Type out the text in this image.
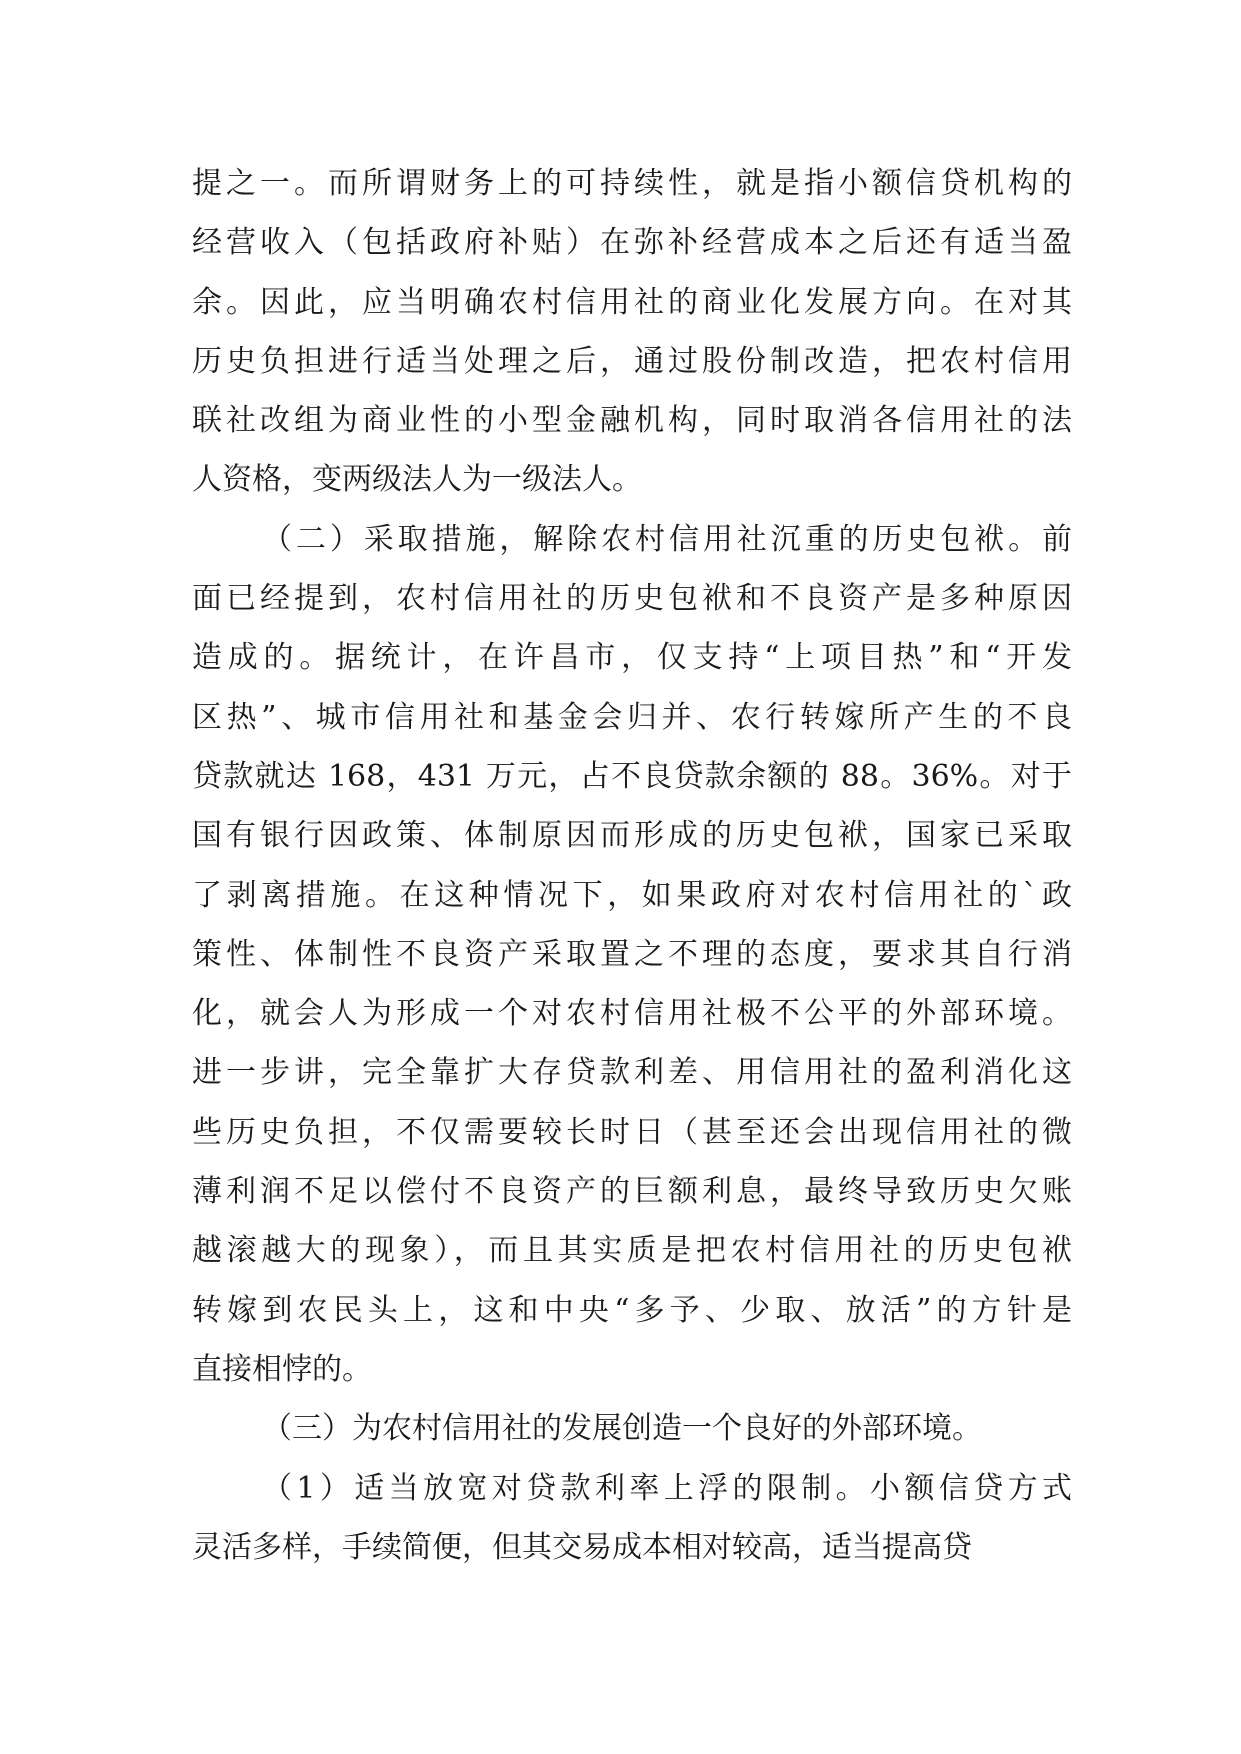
提之一。而所谓财务上的可持续性，就是指小额信贷机构的
经营收入（包括政府补贴）在弥补经营成本之后还有适当盈
余。因此，应当明确农村信用社的商业化发展方向。在对其
历史负担进行适当处理之后，通过股份制改造，把农村信用
联社改组为商业性的小型金融机构，同时取消各信用社的法
人资格，变两级法人为一级法人。
（二）采取措施，解除农村信用社沉重的历史包袱。前
面已经提到，农村信用社的历史包袱和不良资产是多种原因
造成的。据统计，在许昌市，仅支持“上项目热”和“开发
区热”、城市信用社和基金会归并、农行转嫁所产生的不良
贷款就达 168，431 万元，占不良贷款余额的 88。36%。对于
国有银行因政策、体制原因而形成的历史包袱，国家已采取
了剥离措施。在这种情况下，如果政府对农村信用社的`政
策性、体制性不良资产采取置之不理的态度，要求其自行消
化，就会人为形成一个对农村信用社极不公平的外部环境。
进一步讲，完全靠扩大存贷款利差、用信用社的盈利消化这
些历史负担，不仅需要较长时日（甚至还会出现信用社的微
薄利润不足以偿付不良资产的巨额利息，最终导致历史欠账
越滚越大的现象），而且其实质是把农村信用社的历史包袱
转嫁到农民头上，这和中央“多予、少取、放活”的方针是
直接相悖的。
（三）为农村信用社的发展创造一个良好的外部环境。
（1）适当放宽对贷款利率上浮的限制。小额信贷方式
灵活多样，手续简便，但其交易成本相对较高，适当提高贷
